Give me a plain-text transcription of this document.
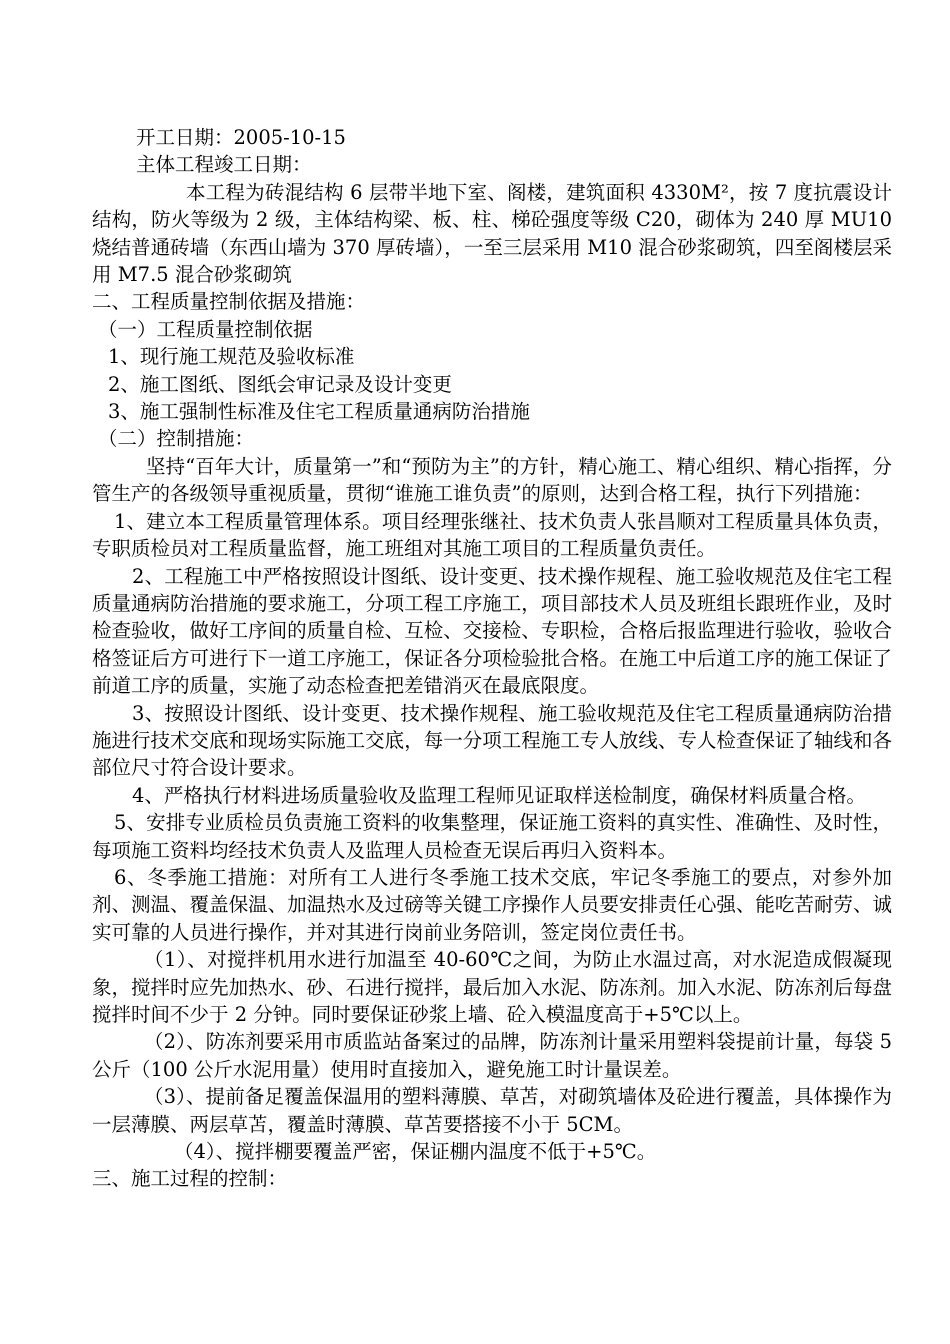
开工日期：2005-10-15
主体工程竣工日期：
本工程为砖混结构 6 层带半地下室、阁楼，建筑面积 4330M²，按 7 度抗震设计结构，防火等级为 2 级，主体结构梁、板、柱、梯砼强度等级 C20，砌体为 240 厚 MU10 烧结普通砖墙（东西山墙为 370 厚砖墙），一至三层采用 M10 混合砂浆砌筑，四至阁楼层采用 M7.5 混合砂浆砌筑
二、工程质量控制依据及措施：
（一）工程质量控制依据
1、现行施工规范及验收标准
2、施工图纸、图纸会审记录及设计变更
3、施工强制性标准及住宅工程质量通病防治措施
（二）控制措施：
坚持“百年大计，质量第一”和“预防为主”的方针，精心施工、精心组织、精心指挥，分管生产的各级领导重视质量，贯彻“谁施工谁负责”的原则，达到合格工程，执行下列措施：
1、建立本工程质量管理体系。项目经理张继社、技术负责人张昌顺对工程质量具体负责，专职质检员对工程质量监督，施工班组对其施工项目的工程质量负责任。
2、工程施工中严格按照设计图纸、设计变更、技术操作规程、施工验收规范及住宅工程质量通病防治措施的要求施工，分项工程工序施工，项目部技术人员及班组长跟班作业，及时检查验收，做好工序间的质量自检、互检、交接检、专职检，合格后报监理进行验收，验收合格签证后方可进行下一道工序施工，保证各分项检验批合格。在施工中后道工序的施工保证了前道工序的质量，实施了动态检查把差错消灭在最底限度。
3、按照设计图纸、设计变更、技术操作规程、施工验收规范及住宅工程质量通病防治措施进行技术交底和现场实际施工交底，每一分项工程施工专人放线、专人检查保证了轴线和各部位尺寸符合设计要求。
4、严格执行材料进场质量验收及监理工程师见证取样送检制度，确保材料质量合格。
5、安排专业质检员负责施工资料的收集整理，保证施工资料的真实性、准确性、及时性，每项施工资料均经技术负责人及监理人员检查无误后再归入资料本。
6、冬季施工措施：对所有工人进行冬季施工技术交底，牢记冬季施工的要点，对参外加剂、测温、覆盖保温、加温热水及过磅等关键工序操作人员要安排责任心强、能吃苦耐劳、诚实可靠的人员进行操作，并对其进行岗前业务陪训，签定岗位责任书。
（1）、对搅拌机用水进行加温至 40-60℃之间，为防止水温过高，对水泥造成假凝现象，搅拌时应先加热水、砂、石进行搅拌，最后加入水泥、防冻剂。加入水泥、防冻剂后每盘搅拌时间不少于 2 分钟。同时要保证砂浆上墙、砼入模温度高于+5℃以上。
（2）、防冻剂要采用市质监站备案过的品牌，防冻剂计量采用塑料袋提前计量，每袋 5 公斤（100 公斤水泥用量）使用时直接加入，避免施工时计量误差。
（3）、提前备足覆盖保温用的塑料薄膜、草苫，对砌筑墙体及砼进行覆盖，具体操作为一层薄膜、两层草苫，覆盖时薄膜、草苫要搭接不小于 5CM。
（4）、搅拌棚要覆盖严密，保证棚内温度不低于+5℃。
三、施工过程的控制：
